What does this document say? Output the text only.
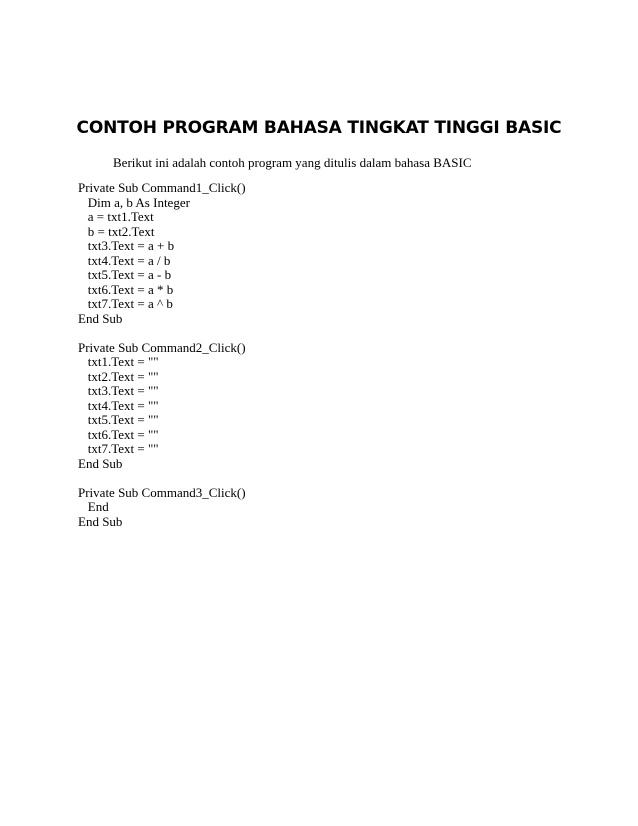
CONTOH PROGRAM BAHASA TINGKAT TINGGI BASIC

Berikut ini adalah contoh program yang ditulis dalam bahasa BASIC

Private Sub Command1_Click()
Dim a, b As Integer
a = txt1.Text
b = txt2.Text
txt3.Text = a + b
txt4.Text = a / b
txt5.Text = a - b
txt6.Text = a * b
txt7.Text = a ^ b
End Sub
Private Sub Command2_Click()
txt1.Text = ""
txt2.Text = ""
txt3.Text = ""
txt4.Text = ""
txt5.Text = ""
txt6.Text = ""
txt7.Text = ""
End Sub
Private Sub Command3_Click()
End
End Sub
